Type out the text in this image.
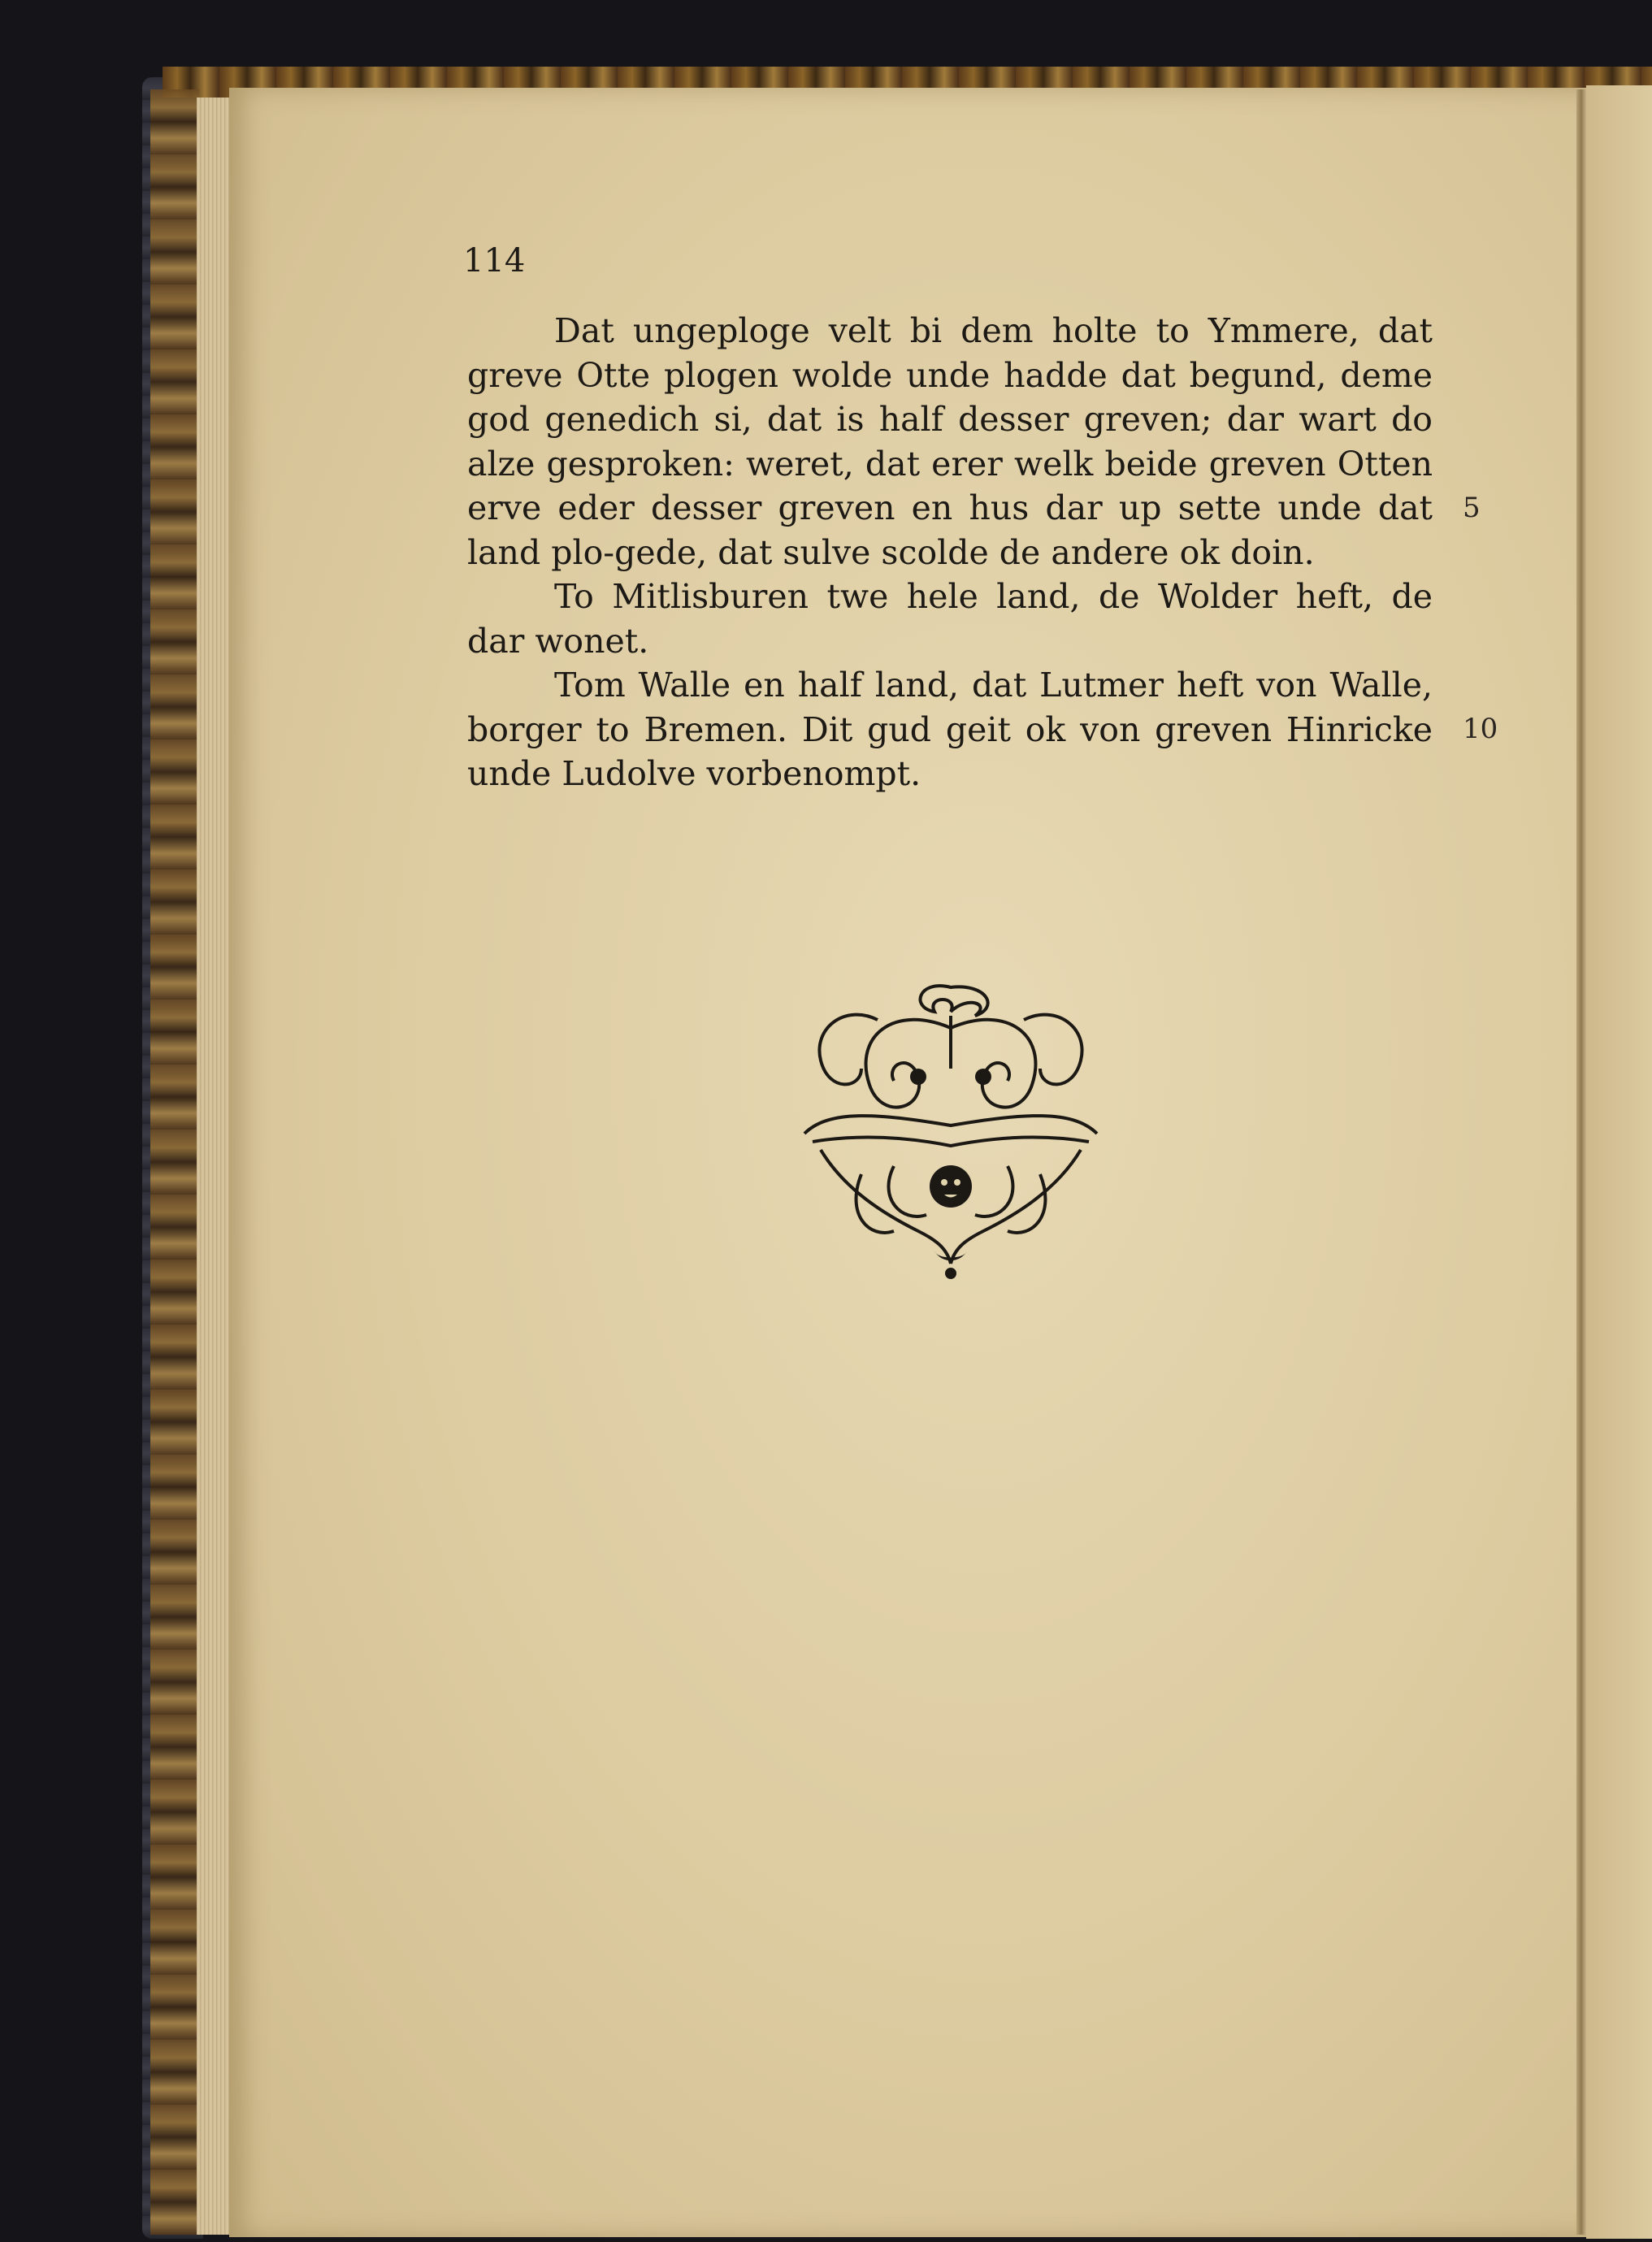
114

Dat ungeploge velt bi dem holte to Ymmere, dat greve Otte plogen wolde unde hadde dat begund, deme god genedich si, dat is half desser greven; dar wart do alze gesproken: weret, dat erer welk beide greven Otten erve eder desser greven en hus dar up sette unde dat land plo-gede, dat sulve scolde de andere ok doin.

To Mitlisburen twe hele land, de Wolder heft, de dar wonet.

Tom Walle en half land, dat Lutmer heft von Walle, borger to Bremen. Dit gud geit ok von greven Hinricke unde Ludolve vorbenompt.

5
10
